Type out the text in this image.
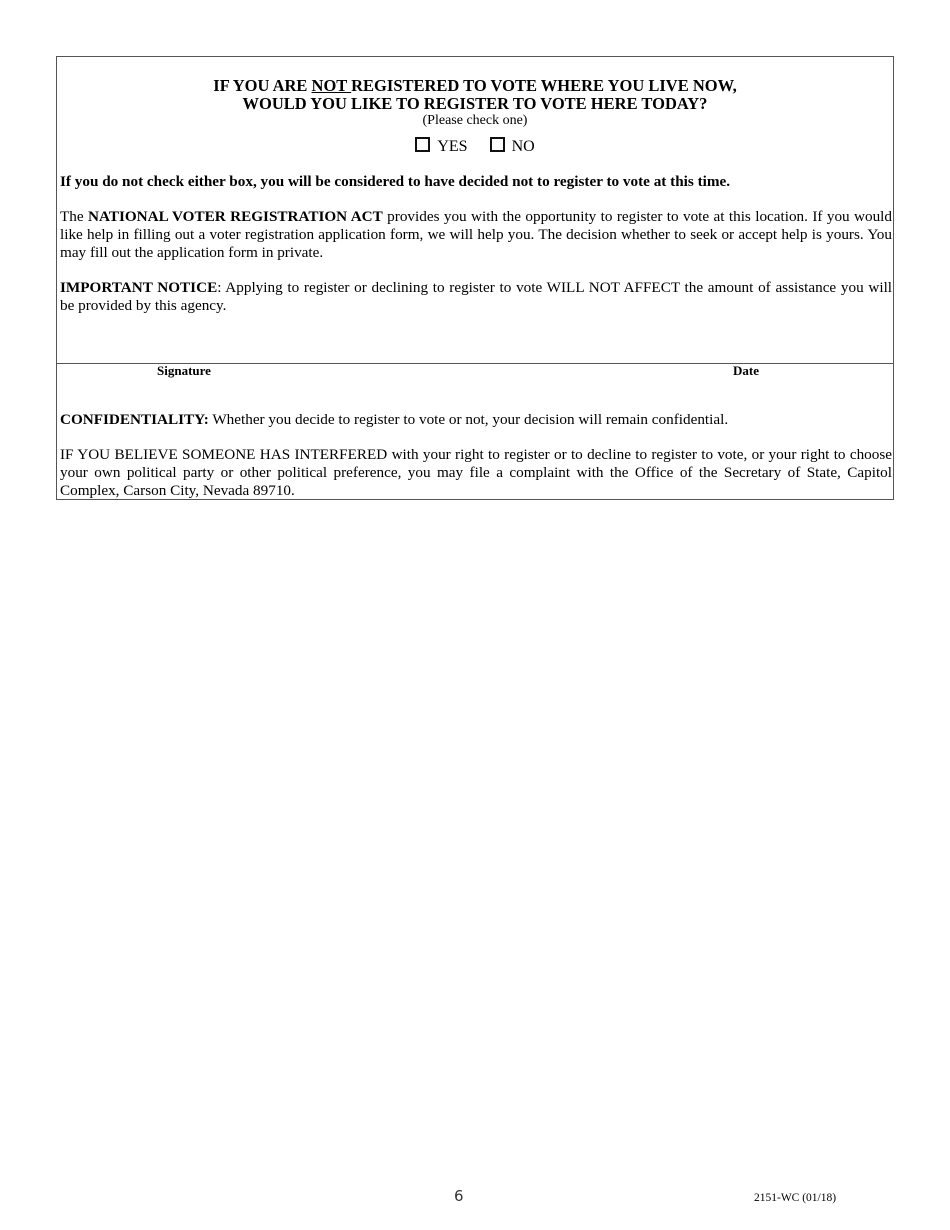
IF YOU ARE NOT REGISTERED TO VOTE WHERE YOU LIVE NOW,
WOULD YOU LIKE TO REGISTER TO VOTE HERE TODAY?
(Please check one)
YES	NO
If you do not check either box, you will be considered to have decided not to register to vote at this time.
The NATIONAL VOTER REGISTRATION ACT provides you with the opportunity to register to vote at this location. If you would like help in filling out a voter registration application form, we will help you. The decision whether to seek or accept help is yours. You may fill out the application form in private.
IMPORTANT NOTICE: Applying to register or declining to register to vote WILL NOT AFFECT the amount of assistance you will be provided by this agency.
Signature	Date
CONFIDENTIALITY: Whether you decide to register to vote or not, your decision will remain confidential.
IF YOU BELIEVE SOMEONE HAS INTERFERED with your right to register or to decline to register to vote, or your right to choose your own political party or other political preference, you may file a complaint with the Office of the Secretary of State, Capitol Complex, Carson City, Nevada 89710.
6	2151-WC (01/18)
